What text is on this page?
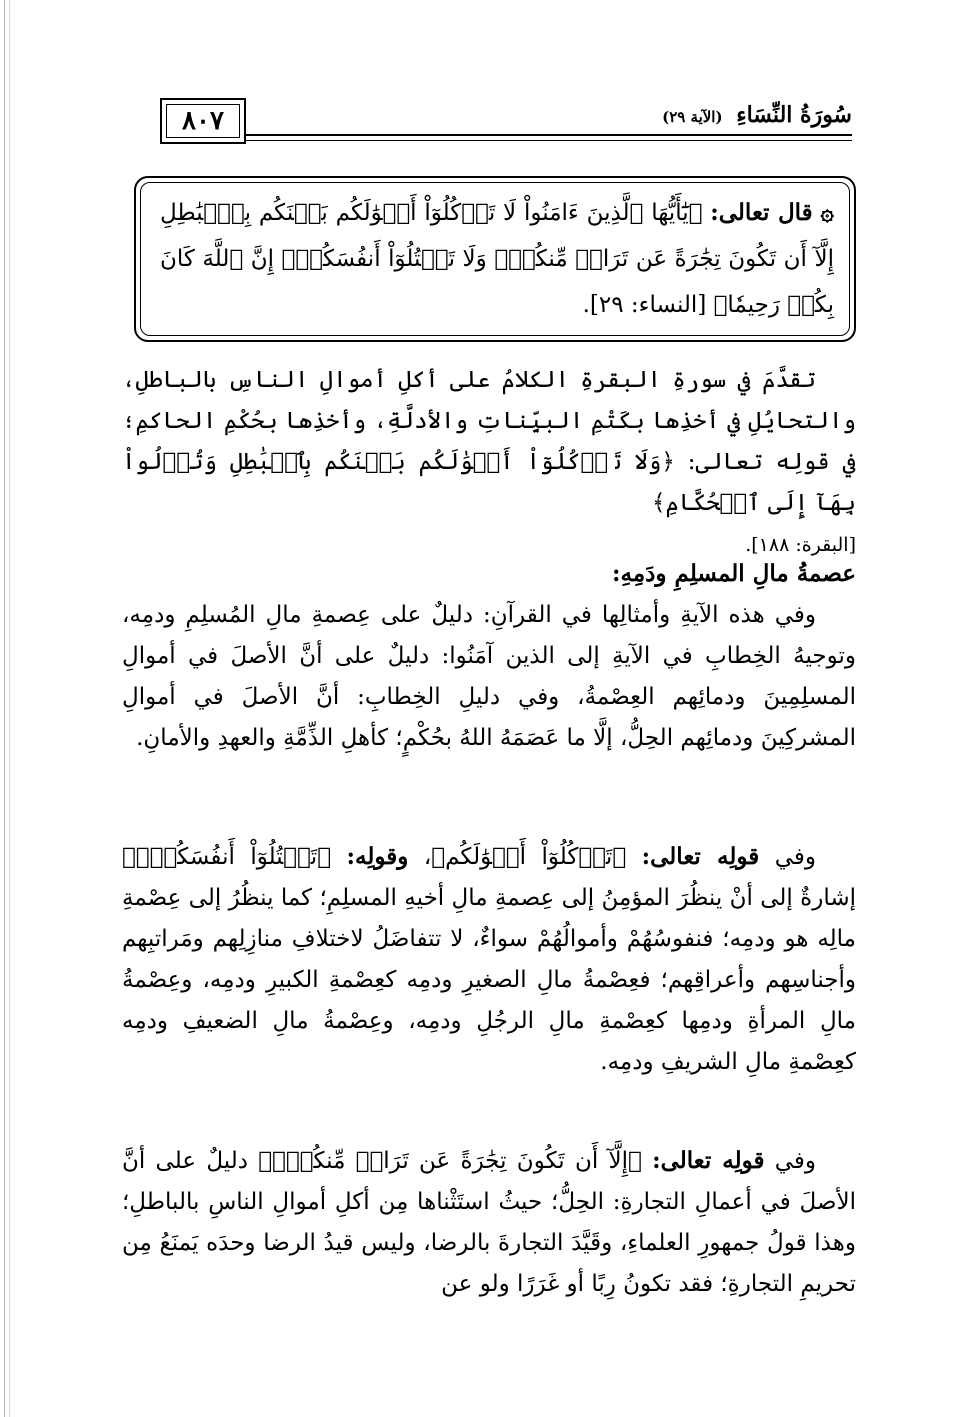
٨٠٧	سُورَةُ النِّسَاءِ (الآية ٢٩)
۞ قال تعالى: ﴿يَٰٓأَيُّهَا ٱلَّذِينَ ءَامَنُواْ لَا تَأۡكُلُوٓاْ أَمۡوَٰلَكُم بَيۡنَكُم بِٱلۡبَٰطِلِ إِلَّآ أَن تَكُونَ تِجَٰرَةً عَن تَرَاضٖ مِّنكُمۡۚ وَلَا تَقۡتُلُوٓاْ أَنفُسَكُمۡۚ إِنَّ ٱللَّهَ كَانَ بِكُمۡ رَحِيمٗا﴾ [النساء: ٢٩].

تقدَّمَ في سورةِ البقرةِ الكلامُ على أكلِ أموالِ الناسِ بالباطلِ، والتحايُلِ في أخذِها بكَتْمِ البيِّناتِ والأدلَّةِ، وأخذِها بحُكْمِ الحاكمِ؛ في قولِه تعالى: ﴿وَلَا تَأۡكُلُوٓاْ أَمۡوَٰلَكُم بَيۡنَكُم بِٱلۡبَٰطِلِ وَتُدۡلُواْ بِهَآ إِلَى ٱلۡحُكَّامِ﴾

[البقرة: ١٨٨].

عصمةُ مالِ المسلِمِ ودَمِهِ:

وفي هذه الآيةِ وأمثالِها في القرآنِ: دليلٌ على عِصمةِ مالِ المُسلِمِ ودمِه، وتوجيهُ الخِطابِ في الآيةِ إلى الذين آمَنُوا: دليلٌ على أنَّ الأصلَ في أموالِ المسلِمِينَ ودمائِهم العِصْمةُ، وفي دليلِ الخِطابِ: أنَّ الأصلَ في أموالِ المشركِينَ ودمائِهم الحِلُّ، إلَّا ما عَصَمَهُ اللهُ بحُكْمٍ؛ كأهلِ الذِّمَّةِ والعهدِ والأمانِ.

وفي قولِه تعالى: ﴿تَأۡكُلُوٓاْ أَمۡوَٰلَكُم﴾، وقولِه: ﴿تَقۡتُلُوٓاْ أَنفُسَكُمۡۚ﴾ إشارةٌ إلى أنْ ينظُرَ المؤمِنُ إلى عِصمةِ مالِ أخيهِ المسلِمِ؛ كما ينظُرُ إلى عِصْمةِ مالِه هو ودمِه؛ فنفوسُهُمْ وأموالُهُمْ سواءٌ، لا تتفاضَلُ لاختلافِ منازِلِهم ومَراتبِهم وأجناسِهم وأعراقِهم؛ فعِصْمةُ مالِ الصغيرِ ودمِه كعِصْمةِ الكبيرِ ودمِه، وعِصْمةُ مالِ المرأةِ ودمِها كعِصْمةِ مالِ الرجُلِ ودمِه، وعِصْمةُ مالِ الضعيفِ ودمِه كعِصْمةِ مالِ الشريفِ ودمِه.

وفي قولِه تعالى: ﴿إِلَّآ أَن تَكُونَ تِجَٰرَةً عَن تَرَاضٖ مِّنكُمۡۚ﴾ دليلٌ على أنَّ الأصلَ في أعمالِ التجارةِ: الحِلُّ؛ حيثُ استَثْناها مِن أكلِ أموالِ الناسِ بالباطلِ؛ وهذا قولُ جمهورِ العلماءِ، وقَيَّدَ التجارةَ بالرضا، وليس قيدُ الرضا وحدَه يَمنَعُ مِن تحريمِ التجارةِ؛ فقد تكونُ رِبًا أو غَرَرًا ولو عن
